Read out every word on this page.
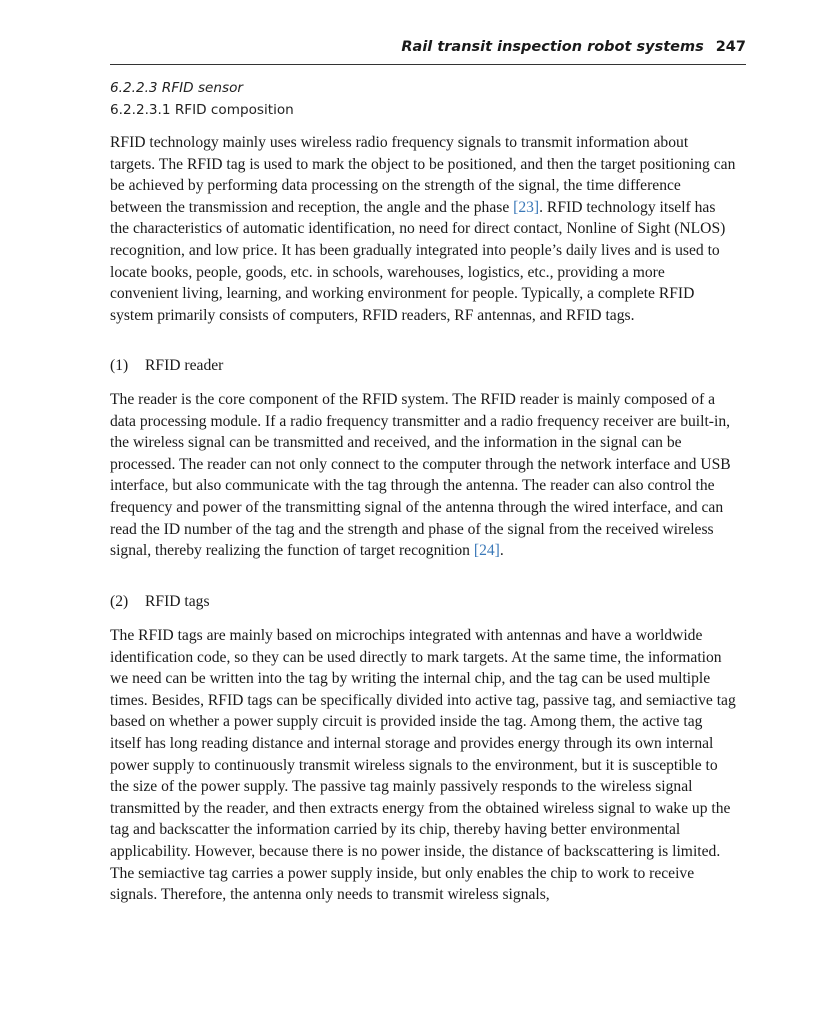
Rail transit inspection robot systems 247
6.2.2.3 RFID sensor
6.2.2.3.1 RFID composition

RFID technology mainly uses wireless radio frequency signals to transmit information about targets. The RFID tag is used to mark the object to be positioned, and then the target positioning can be achieved by performing data processing on the strength of the signal, the time difference between the transmission and reception, the angle and the phase [23]. RFID technology itself has the characteristics of automatic identification, no need for direct contact, Nonline of Sight (NLOS) recognition, and low price. It has been gradually integrated into people’s daily lives and is used to locate books, people, goods, etc. in schools, warehouses, logistics, etc., providing a more convenient living, learning, and working environment for people. Typically, a complete RFID system primarily consists of computers, RFID readers, RF antennas, and RFID tags.

(1) RFID reader

The reader is the core component of the RFID system. The RFID reader is mainly composed of a data processing module. If a radio frequency transmitter and a radio frequency receiver are built-in, the wireless signal can be transmitted and received, and the information in the signal can be processed. The reader can not only connect to the computer through the network interface and USB interface, but also communicate with the tag through the antenna. The reader can also control the frequency and power of the transmitting signal of the antenna through the wired interface, and can read the ID number of the tag and the strength and phase of the signal from the received wireless signal, thereby realizing the function of target recognition [24].

(2) RFID tags

The RFID tags are mainly based on microchips integrated with antennas and have a worldwide identification code, so they can be used directly to mark targets. At the same time, the information we need can be written into the tag by writing the internal chip, and the tag can be used multiple times. Besides, RFID tags can be specifically divided into active tag, passive tag, and semiactive tag based on whether a power supply circuit is provided inside the tag. Among them, the active tag itself has long reading distance and internal storage and provides energy through its own internal power supply to continuously transmit wireless signals to the environment, but it is susceptible to the size of the power supply. The passive tag mainly passively responds to the wireless signal transmitted by the reader, and then extracts energy from the obtained wireless signal to wake up the tag and backscatter the information carried by its chip, thereby having better environmental applicability. However, because there is no power inside, the distance of backscattering is limited. The semiactive tag carries a power supply inside, but only enables the chip to work to receive signals. Therefore, the antenna only needs to transmit wireless signals,
